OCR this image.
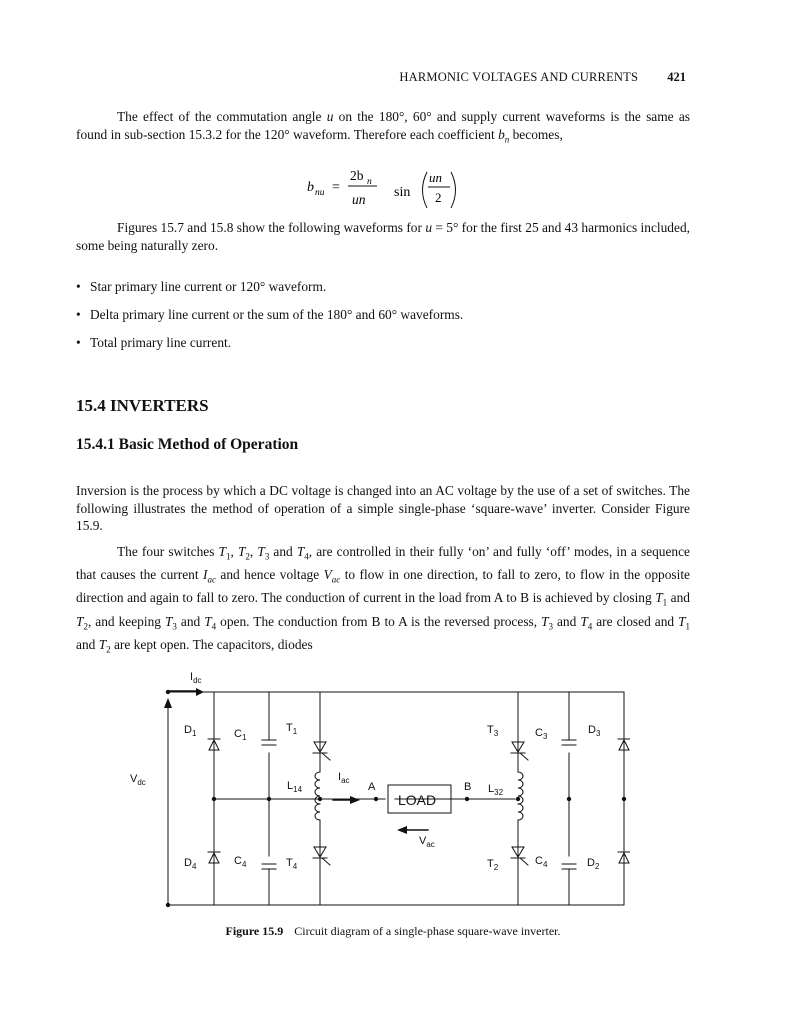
HARMONIC VOLTAGES AND CURRENTS 421

The effect of the commutation angle u on the 180°, 60° and supply current waveforms is the same as found in sub-section 15.3.2 for the 120° waveform. Therefore each coefficient $b_n$ becomes,

b nu =
2b n
un sin
un
2

Figures 15.7 and 15.8 show the following waveforms for u = 5° for the first 25 and 43 harmonics included, some being naturally zero.

• Star primary line current or 120° waveform.
• Delta primary line current or the sum of the 180° and 60° waveforms.
• Total primary line current.
15.4 INVERTERS
15.4.1 Basic Method of Operation

Inversion is the process by which a DC voltage is changed into an AC voltage by the use of a set of switches. The following illustrates the method of operation of a simple single-phase ‘square-wave’ inverter. Consider Figure 15.9.

The four switches $T_1$, $T_2$, $T_3$ and $T_4$, are controlled in their fully ‘on’ and fully ‘off’ modes, in a sequence that causes the current $I_{ac}$ and hence voltage $V_{ac}$ to flow in one direction, to fall to zero, to flow in the opposite direction and again to fall to zero. The conduction of current in the load from A to B is achieved by closing $T_1$ and $T_2$, and keeping $T_3$ and $T_4$ open. The conduction from B to A is the reversed process, $T_3$ and $T_4$ are closed and $T_1$ and $T_2$ are kept open. The capacitors, diodes

$I_{dc}$
$V_{dc}$
$D_1$	$C_1$
$T_1$	$T_3$	$C_3$
$D_3$
$L_{14}$
$I_{ac}$
A
LOAD
B $L_{32}$
$V_{ac}$
$D_4$	$C_4$	$T_4$	$T_2$
$C_4$	$D_2$
Figure 15.9 Circuit diagram of a single-phase square-wave inverter.
